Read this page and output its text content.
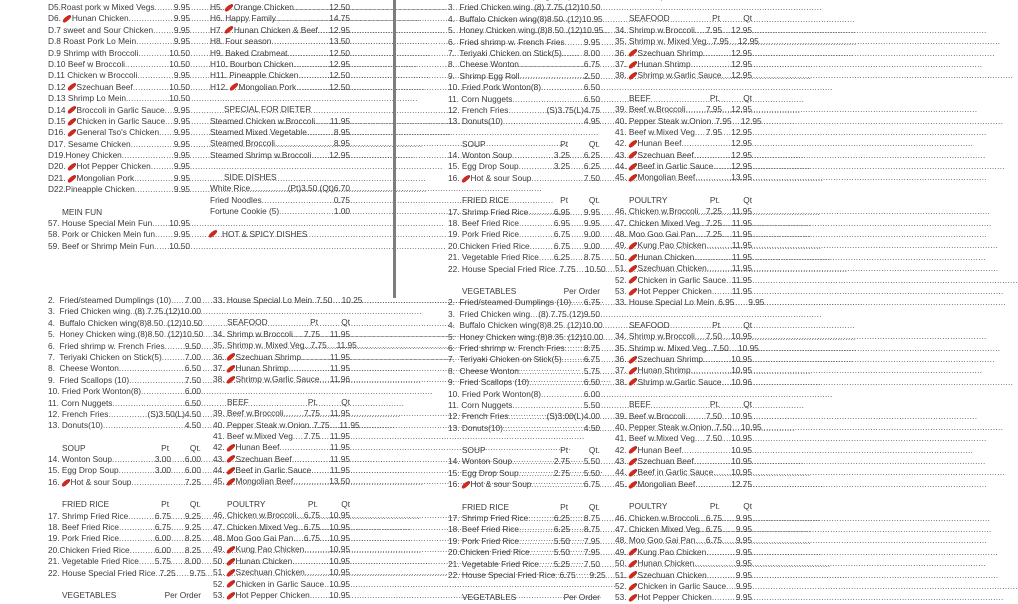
D5. Roast pork w Mixed Vegs ..... 9.95
D6. Hunan Chicken .....	9.95
D.7 sweet and Sour Chicken ..... 9.95
D.8 Roast Pork Lo Mein .....	9.95
D.9 Shrimp with Broccoli .....	10.50
D.10 Beef w Broccoli .....	10.50
D.11 Chicken w Broccoli .....	9.95
D.12 Szechuan Beef .....	10.50
D.13 Shrimp Lo Mein .....	10.50
D.14 Broccoli in Garlic Sauce ..... 9.95
D.15 Chicken in Garlic Sauce ..... 9.95
D16. General Tso's Chicken ..... 9.95
D17. Sesame Chicken .....	9.95
D19. Honey Chicken .....	9.95
D20. Hot Pepper Chicken .....	9.95
D21. Mongolian Pork .....	9.95
D22. Pineapple Chicken .....	9.95
MEIN FUN
57. House Special Mein Fun ..... 10.95
58. Pork or Chicken Mein fun ..... 9.95
59. Beef or Shrimp Mein Fun ..... 10.50
H5. Orange Chicken .....	12.50
H6. Happy Family .....	14.75
H7. Hunan Chicken & Beef ..... 12.95
H8. Four season .....	13.50
H9. Baked Crabmeat .....	12.50
H10. Bourbon Chicken .....	12.95
H11. Pineapple Chicken .....	12.50
H12. Mongolian Pork .....	12.50
SPECIAL FOR DIETER
Steamed Chicken w.Broccoli ..... 11.95
Steamed Mixed Vegetable .....	8.95
Steamed Broccoli .....	8.95
Steamed Shrimp w.Broccoli ..... 12.95
SIDE DISHES
White Rice .....	(Pt)3.50 (Qt)6.70
Fried Noodles .....	0.75
Fortune Cookie (5) .....	1.00
2. Fried/steamed Dumplings (10) ..... 7.00
3. Fried Chicken wing ..... (8) 7.75.(12)10.00
4. Buffalo Chicken wing(8)8.50 ..... (12)10.50
5. Honey Chicken wing.(8)8.50 ..... (12)10.50
6. Fried shrimp w. French Fries ..... 9.50
7. Teriyaki Chicken on Stick(5) .....	7.00
8. Cheese Wonton .....	6.50
9. Fried Scallops (10) .....	7.50
10. Fried Pork Wonton(8) .....	6.00
11. Corn Nuggets .....	6.50
12. French Fries .....	(S)3.50(L)4.50
13. Donuts(10) .....	4.50
SOUP	Pt	Qt.
14. Wonton Soup .....	3.00	6.00
15. Egg Drop Soup .....	3.00	6.00
16. Hot & sour Soup .....	7.25
FRIED RICE	Pt	Qt.
17. Shrimp Fried Rice .....	6.75	9.25
18. Beef Fried Rice .....	6.75	9.25
19. Pork Fried Rice .....	6.00	8.25
20. Chicken Fried Rice .....	6.00	8.25
21. Vegetable Fried Rice ..... 5.75	8.00
22. House Special Fried Rice ..... 7.25	9.75
VEGETABLES	Per Order
33. House Special Lo Mein ..... 7.50	10.25
SEAFOOD	Pt	Qt
34. Shrimp w.Broccoli ..... 7.75	11.95
35. Shrimp w. Mixed Veg. ..... 7.75	11.95
36. Szechuan Shrimp .....	11.95
37. Hunan Shrimp .....	11.95
38. Shrimp w.Garlic Sauce ..... 11.96
BEEF	Pt.	Qt
39. Beef w.Broccoli ..... 7.75	11.95
40. Pepper Steak w.Onion ..... 7.75	11.95
41. Beef w.Mixed Veg ..... 7.75	11.95
42. Hunan Beef .....	11.95
43. Szechuan Beef .....	11.95
44. Beef in Garlic Sauce ..... 11.95
45. Mongolian Beef .....	13.50
POULTRY	Pt.	Qt
46. Chicken w.Broccoli ..... 6.75	10.95
47. Chicken Mixed Veg ..... 6.75	10.95
48. Moo Goo Gai Pan ..... 6.75	10.95
49. Kung Pao Chicken .....	10.95
50. Hunan Chicken .....	10.95
51. Szechuan Chicken .....	10.95
52. Chicken in Garlic Sauce ..... 10.95
53. Hot Pepper Chicken ..... 10.95
.....
3. Fried Chicken wing ..... (8) 7.75.(12)10.50
4. Buffalo Chicken wing(8)8.50 ..... (12)10.95
5. Honey Chicken wing.(8)8.50 ..... (12)10.95
6. Fried shrimp w. French Fries ..... 9.95
7. Teriyaki Chicken on Stick(5) .....	8.00
8. Cheese Wonton .....	6.75
9. Shrimp Egg Roll .....	2.50
10. Fried Pork Wonton(8) .....	6.50
11. Corn Nuggets .....	6.50
12. French Fries .....	(S)3.75(L)4.75
13. Donuts(10) .....	4.95
SOUP	Pt	Qt.
14. Wonton Soup .....	3.25	6.25
15. Egg Drop Soup .....	3.25	6.25
16. Hot & sour Soup .....	7.50
FRIED RICE	Pt	Qt.
17. Shrimp Fried Rice .....	6.95	9.95
18. Beef Fried Rice .....	6.95	9.95
19. Pork Fried Rice .....	6.75	9.00
20. Chicken Fried Rice .....	6.75	9.00
21. Vegetable Fried Rice ..... 6.25	8.75
22. House Special Fried Rice ..... 7.75	10.50
VEGETABLES	Per Order
2. Fried/steamed Dumplings (10) ..... 6.75
3. Fried Chicken wing ..... (8) 7.75.(12)9.50
4. Buffalo Chicken wing(8)8.25 ..... (12)10.00
5. Honey Chicken wing.(8)8.35 ..... (12)10.00
6. Fried shrimp w. French Fries ..... 8.75
7. Teriyaki Chicken on Stick(5) .....	6.75
8. Cheese Wonton .....	5.75
9. Fried Scallops (10) .....	6.50
10. Fried Pork Wonton(8) .....	6.00
11. Corn Nuggets .....	5.50
12. French Fries .....	(S)3.00(L)4.00
13. Donuts(10) .....	4.50
SOUP	Pt	Qt.
14. Wonton Soup .....	2.75	5.50
15. Egg Drop Soup .....	2.75	5.50
16. Hot & sour Soup .....	6.75
FRIED RICE	Pt	Qt.
17. Shrimp Fried Rice .....	6.25	8.75
18. Beef Fried Rice .....	6.25	8.75
19. Pork Fried Rice .....	5.50	7.95
20. Chicken Fried Rice .....	5.50	7.95
21. Vegetable Fried Rice ..... 5.25	7.50
22. House Special Fried Rice ..... 6.75	9.25
VEGETABLES	Per Order
.....
SEAFOOD	Pt	Qt
34. Shrimp w.Broccoli ..... 7.95	12.95
35. Shrimp w. Mixed Veg. ..... 7.95	12.95
36. Szechuan Shrimp .....	12.95
37. Hunan Shrimp .....	12.95
38. Shrimp w.Garlic Sauce ..... 12.95
BEEF	Pt.	Qt
39. Beef w.Broccoli ..... 7.95	12.95
40. Pepper Steak w.Onion ..... 7.95	12.95
41. Beef w.Mixed Veg ..... 7.95	12.95
42. Hunan Beef .....	12.95
43. Szechuan Beef .....	12.95
44. Beef in Garlic Sauce ..... 12.95
45. Mongolian Beef .....	13.95
POULTRY	Pt.	Qt
46. Chicken w.Broccoli ..... 7.25	11.95
47. Chicken Mixed Veg ..... 7.25	11.95
48. Moo Goo Gai Pan ..... 7.25	11.95
49. Kung Pao Chicken .....	11.95
50. Hunan Chicken .....	11.95
51. Szechuan Chicken .....	11.95
52. Chicken in Garlic Sauce ..... 11.95
53. Hot Pepper Chicken ..... 11.95
33. House Special Lo Mein ..... 6.95	9.95
SEAFOOD	Pt	Qt
34. Shrimp w.Broccoli ..... 7.50	10.95
35. Shrimp w. Mixed Veg. ..... 7.50	10.95
36. Szechuan Shrimp .....	10.95
37. Hunan Shrimp .....	10.95
38. Shrimp w.Garlic Sauce ..... 10.96
BEEF	Pt.	Qt
39. Beef w.Broccoli ..... 7.50	10.95
40. Pepper Steak w.Onion ..... 7.50	10.95
41. Beef w.Mixed Veg ..... 7.50	10.95
42. Hunan Beef .....	10.95
43. Szechuan Beef .....	10.95
44. Beef in Garlic Sauce ..... 10.95
45. Mongolian Beef .....	12.75
POULTRY	Pt.	Qt
46. Chicken w.Broccoli ..... 6.75	9.95
47. Chicken Mixed Veg ..... 6.75	9.95
48. Moo Goo Gai Pan ..... 6.75	9.95
49. Kung Pao Chicken .....	9.95
50. Hunan Chicken .....	9.95
51. Szechuan Chicken .....	9.95
52. Chicken in Garlic Sauce ..... 9.95
53. Hot Pepper Chicken .....	9.95
HOT & SPICY DISHES
